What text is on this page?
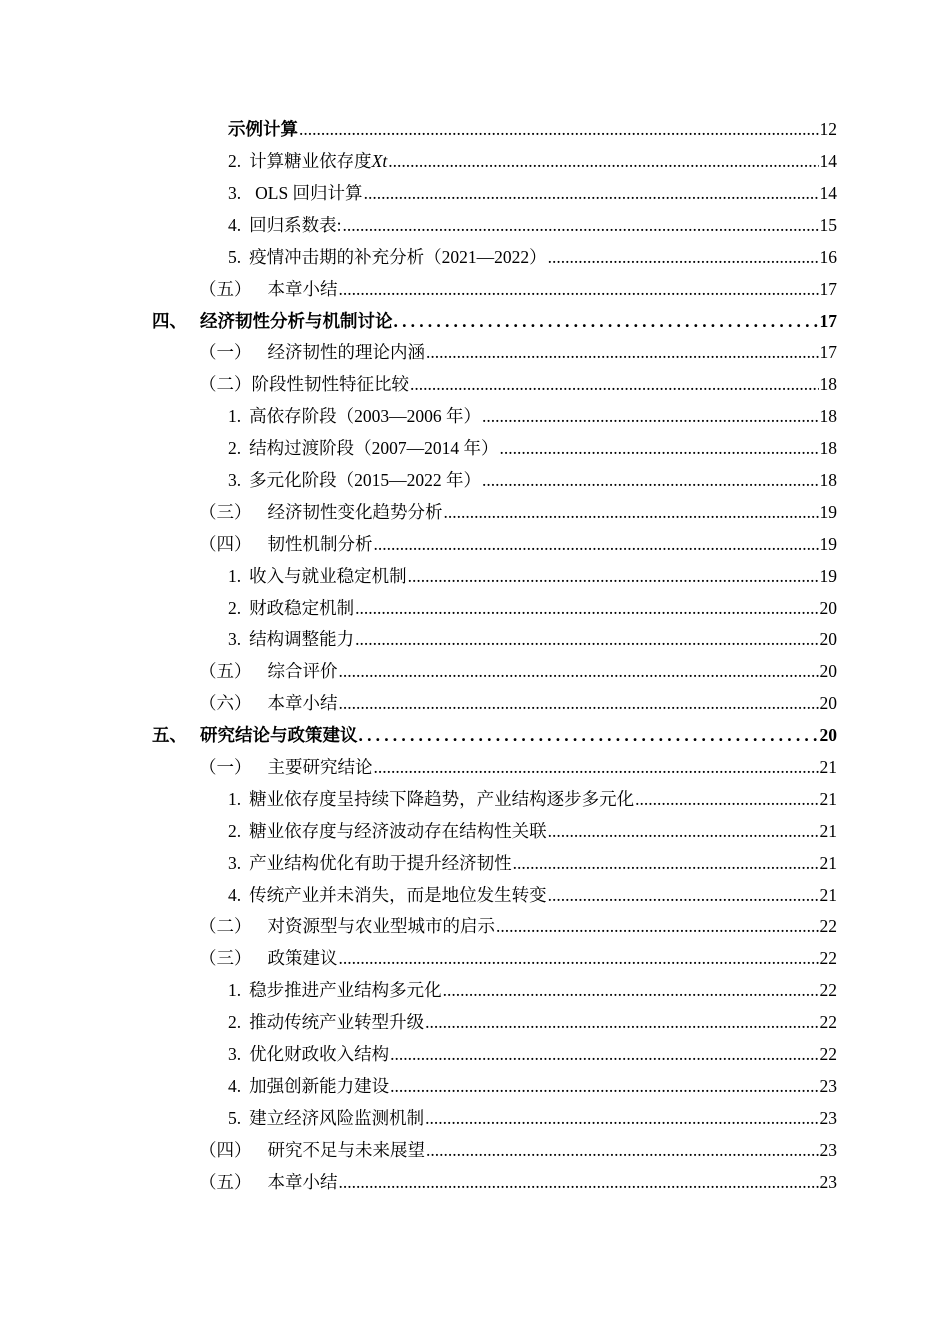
示例计算 .....	12
2. 计算糖业依存度Xt .....	14
3. OLS 回归计算 .....	14
4. 回归系数表: .....	15
5. 疫情冲击期的补充分析（2021—2022） .....	16
（五） 本章小结 .....	17
四、 经济韧性分析与机制讨论 .....	17
（一） 经济韧性的理论内涵 .....	17
（二） 阶段性韧性特征比较 .....	18
1. 高依存阶段（2003—2006 年） .....	18
2. 结构过渡阶段（2007—2014 年） .....	18
3. 多元化阶段（2015—2022 年） .....	18
（三） 经济韧性变化趋势分析 .....	19
（四） 韧性机制分析 .....	19
1. 收入与就业稳定机制 .....	19
2. 财政稳定机制 .....	20
3. 结构调整能力 .....	20
（五） 综合评价 .....	20
（六） 本章小结 .....	20
五、 研究结论与政策建议 .....	20
（一） 主要研究结论 .....	21
1. 糖业依存度呈持续下降趋势，产业结构逐步多元化 .....	21
2. 糖业依存度与经济波动存在结构性关联 .....	21
3. 产业结构优化有助于提升经济韧性 .....	21
4. 传统产业并未消失，而是地位发生转变 .....	21
（二） 对资源型与农业型城市的启示 .....	22
（三） 政策建议 .....	22
1. 稳步推进产业结构多元化 .....	22
2. 推动传统产业转型升级 .....	22
3. 优化财政收入结构 .....	22
4. 加强创新能力建设 .....	23
5. 建立经济风险监测机制 .....	23
（四） 研究不足与未来展望 .....	23
（五） 本章小结 .....	23
